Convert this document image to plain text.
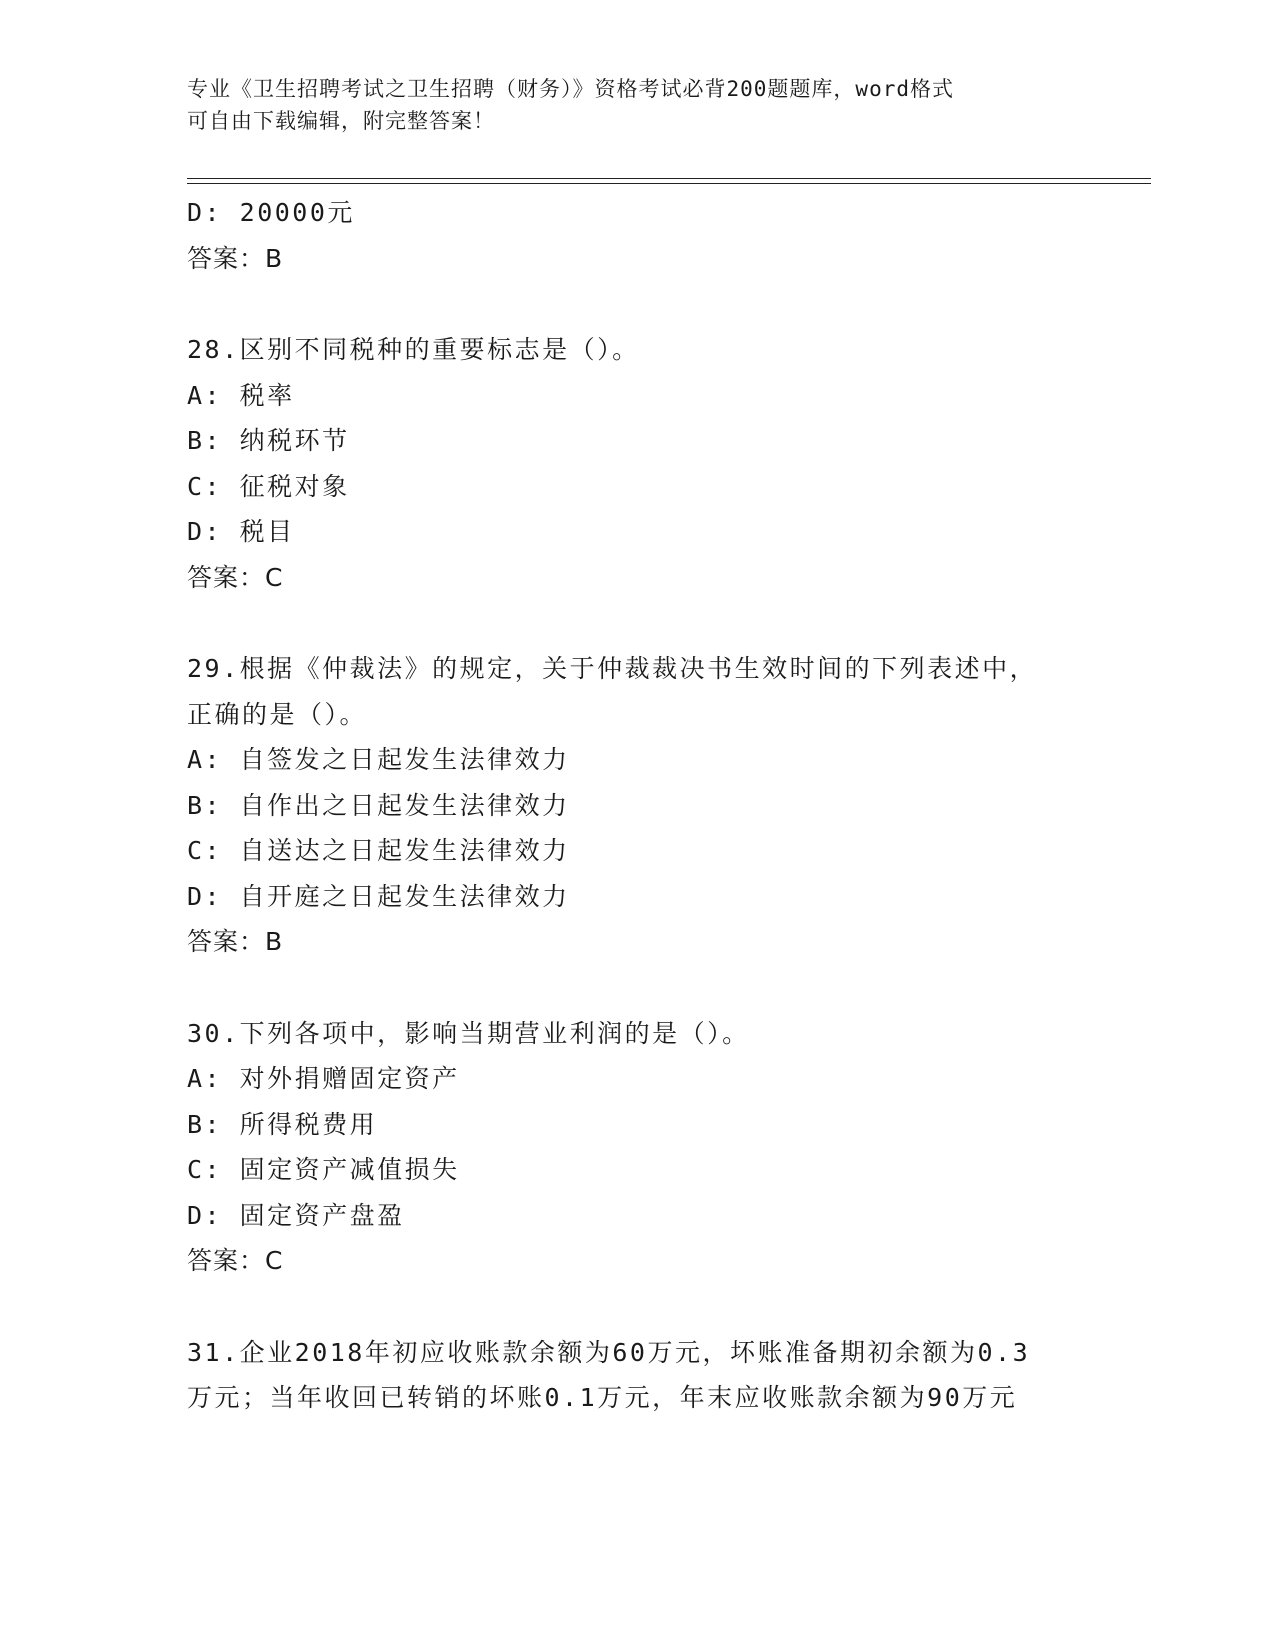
专业《卫生招聘考试之卫生招聘（财务）》资格考试必背200题题库，word格式
可自由下载编辑，附完整答案！
D: 20000元
答案：B
28.区别不同税种的重要标志是（）。
A: 税率
B: 纳税环节
C: 征税对象
D: 税目
答案：C
29.根据《仲裁法》的规定，关于仲裁裁决书生效时间的下列表述中，
正确的是（）。
A: 自签发之日起发生法律效力
B: 自作出之日起发生法律效力
C: 自送达之日起发生法律效力
D: 自开庭之日起发生法律效力
答案：B
30.下列各项中，影响当期营业利润的是（）。
A: 对外捐赠固定资产
B: 所得税费用
C: 固定资产减值损失
D: 固定资产盘盈
答案：C
31.企业2018年初应收账款余额为60万元，坏账准备期初余额为0.3
万元；当年收回已转销的坏账0.1万元，年末应收账款余额为90万元
